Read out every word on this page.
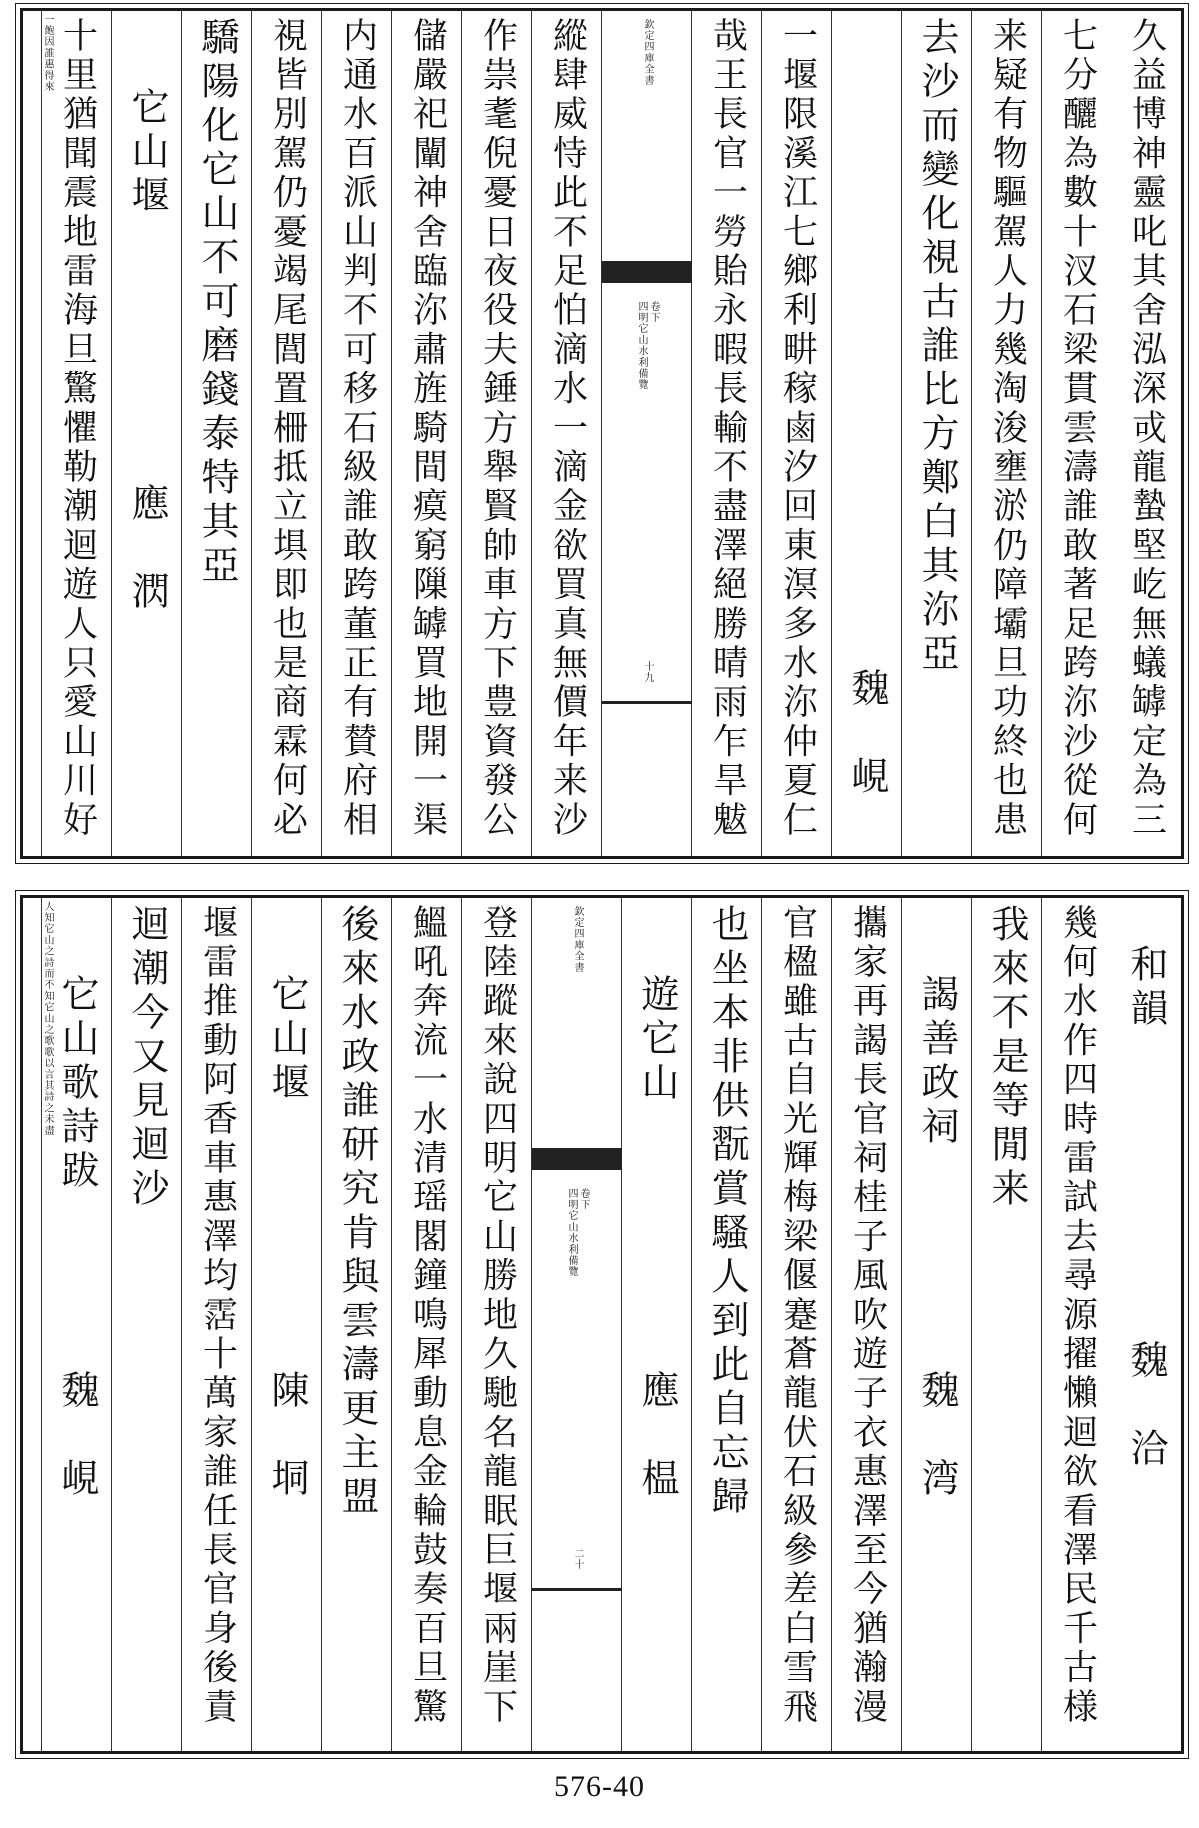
久益博神靈叱其舍泓深戓龍蟄堅屹無蟻罅定為三
七分釃為數十汊石梁貫雲濤誰敢著足跨沵沙從何
来疑有物驅駕人力幾淘浚壅淤仍障壩旦功終也患
去沙而變化視古誰比方鄭白其沵亞
魏　峴
一堰限溪江七鄉利畊稼鹵汐回東溟多水沵仲夏仁
哉王長官一勞貽永暇長輸不盡澤絕勝晴雨乍旱魃
欽定四庫全書
四明它山水利備覽 卷下
十九
縱肆威恃此不足怕滴水一滴金欲買真無價年来沙
作祟耄倪憂日夜役夫錘方舉賢帥車方下豊資發公
儲嚴祀闡神舍臨沵肅旌騎間瘼窮隟罅買地開一渠
内通水百派山判不可移石級誰敢跨董正有賛府相
視皆別駕仍憂竭尾閭置柵抵立埧即也是商霖何必
驕陽化它山不可磨錢泰特其亞
它山堰　　　　　　應　㴸
十里猶聞震地雷海旦驚懼勒潮迴遊人只愛山川好
一飽因誰惠得來
和韻　　　　　　　魏　洽
幾何水作四時雷試去尋源擢懶迴欲看澤民千古様
我來不是等閒来
謁善政祠　　　　　魏　湾
攜家再謁長官祠桂子風吹遊子衣惠澤至今猶瀚漫
官楹雖古自光輝梅梁偃蹇蒼龍伏石級參差白雪飛
也坐本非供翫賞騷人到此自忘歸
遊它山　　　　　　應　榅
欽定四庫全書
四明它山水利備覽 卷下
二十
登陸蹤來說四明它山勝地久馳名龍眠巨堰兩崖下
鰮吼奔流一水清瑶閣鐘鳴犀動息金輪鼓奏百旦驚
後來水政誰研究肯與雲濤更主盟
它山堰　　　　　　陳　垌
堰雷推動阿香車惠澤均霑十萬家誰任長官身後責
迴潮今又見迴沙
它山歌詩跋　　　　魏　峴
人知它山之詩而不知它山之歌歌以言其詩之未盡
576-40
